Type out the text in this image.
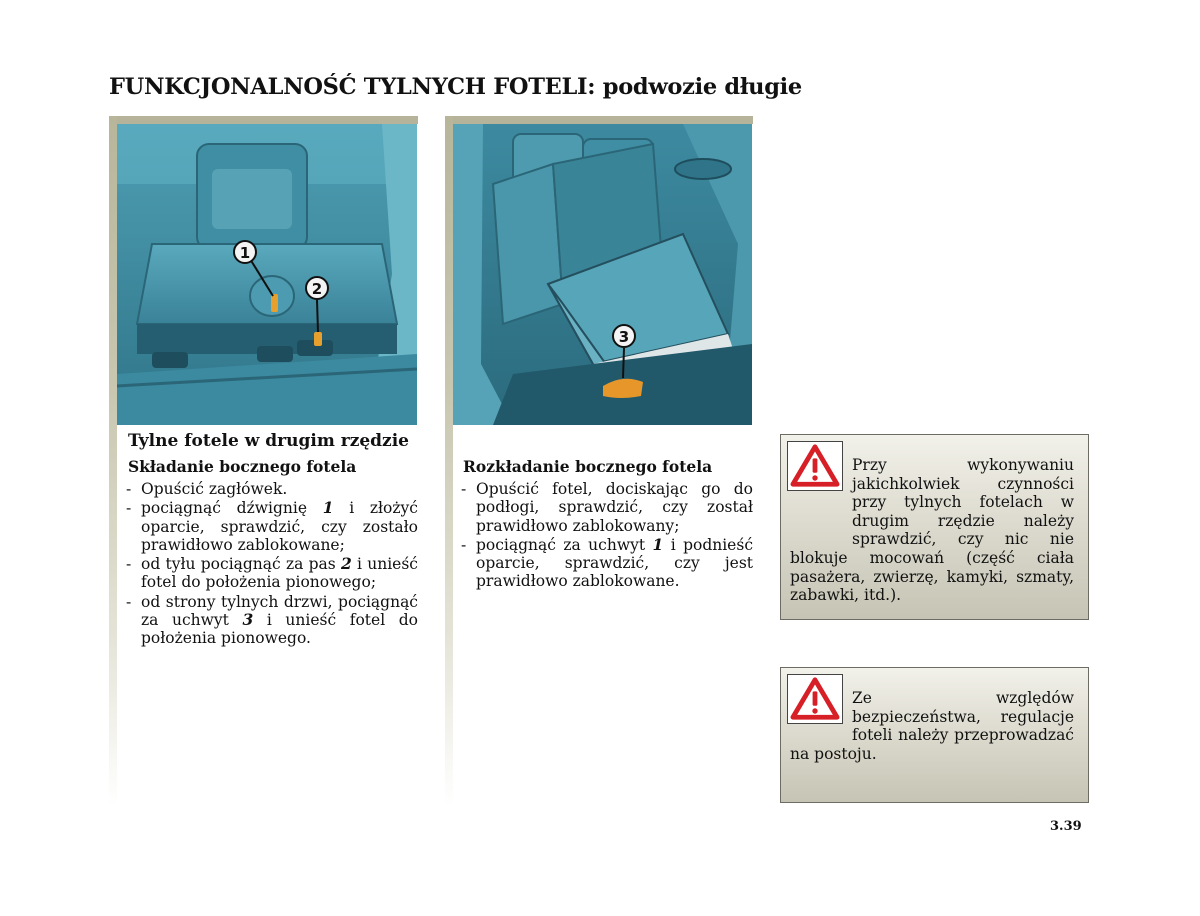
FUNKCJONALNOŚĆ TYLNYCH FOTELI: podwozie długie
1
2
3
Tylne fotele w drugim rzędzie
Składanie bocznego fotela
- Opuścić zagłówek.
- pociągnąć dźwignię 1 i złożyć oparcie, sprawdzić, czy zostało prawidłowo zablokowane;
- od tyłu pociągnąć za pas 2 i unieść fotel do położenia pionowego;
- od strony tylnych drzwi, pociągnąć za uchwyt 3 i unieść fotel do położenia pionowego.
Rozkładanie bocznego fotela
- Opuścić fotel, dociskając go do podłogi, sprawdzić, czy został prawidłowo zablokowany;
- pociągnąć za uchwyt 1 i podnieść oparcie, sprawdzić, czy jest prawidłowo zablokowane.
Przy wykonywaniu jakichkolwiek czynności przy tylnych fotelach w drugim rzędzie należy sprawdzić, czy nic nie blokuje mocowań (część ciała pasażera, zwierzę, kamyki, szmaty, zabawki, itd.).
Ze względów bezpieczeństwa, regulacje foteli należy przeprowadzać na postoju.
3.39
